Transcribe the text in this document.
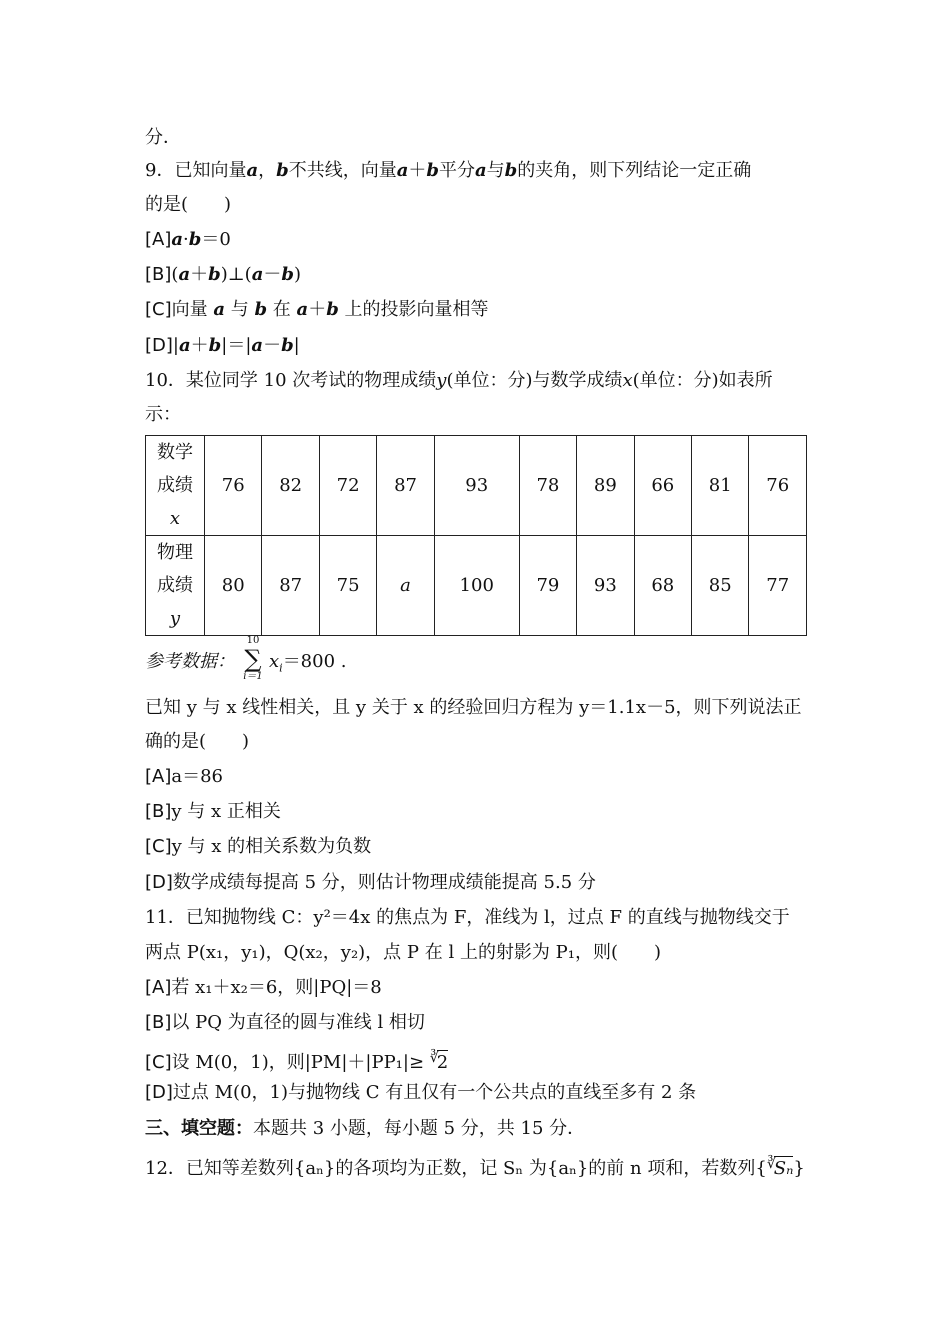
分．
9．已知向量a，b不共线，向量a＋b平分a与b的夹角，则下列结论一定正确
的是(　　)
[A]a·b＝0
[B](a＋b)⊥(a－b)
[C]向量 a 与 b 在 a＋b 上的投影向量相等
[D]|a＋b|＝|a－b|
10．某位同学 10 次考试的物理成绩y(单位：分)与数学成绩x(单位：分)如表所
示：
数学
成绩
x	76	82	72	87	93	78	89	66	81	76

物理
成绩
y	80	87	75	a	100	79	93	68	85	77
参考数据：
10
∑
i＝1
$x_i=800$ .
已知 y 与 x 线性相关，且 y 关于 x 的经验回归方程为 y＝1.1x－5，则下列说法正
确的是(　　)
[A]a＝86
[B]y 与 x 正相关
[C]y 与 x 的相关系数为负数
[D]数学成绩每提高 5 分，则估计物理成绩能提高 5.5 分
11．已知抛物线 C：y²＝4x 的焦点为 F，准线为 l，过点 F 的直线与抛物线交于
两点 P(x₁，y₁)，Q(x₂，y₂)，点 P 在 l 上的射影为 P₁，则(　　)
[A]若 x₁＋x₂＝6，则|PQ|＝8
[B]以 PQ 为直径的圆与准线 l 相切
[C]设 M(0，1)，则|PM|＋|PP₁|≥ ∛2
[D]过点 M(0，1)与抛物线 C 有且仅有一个公共点的直线至多有 2 条
三、填空题：本题共 3 小题，每小题 5 分，共 15 分．
12．已知等差数列{aₙ}的各项均为正数，记 Sₙ 为{aₙ}的前 n 项和，若数列{∛Sₙ}
